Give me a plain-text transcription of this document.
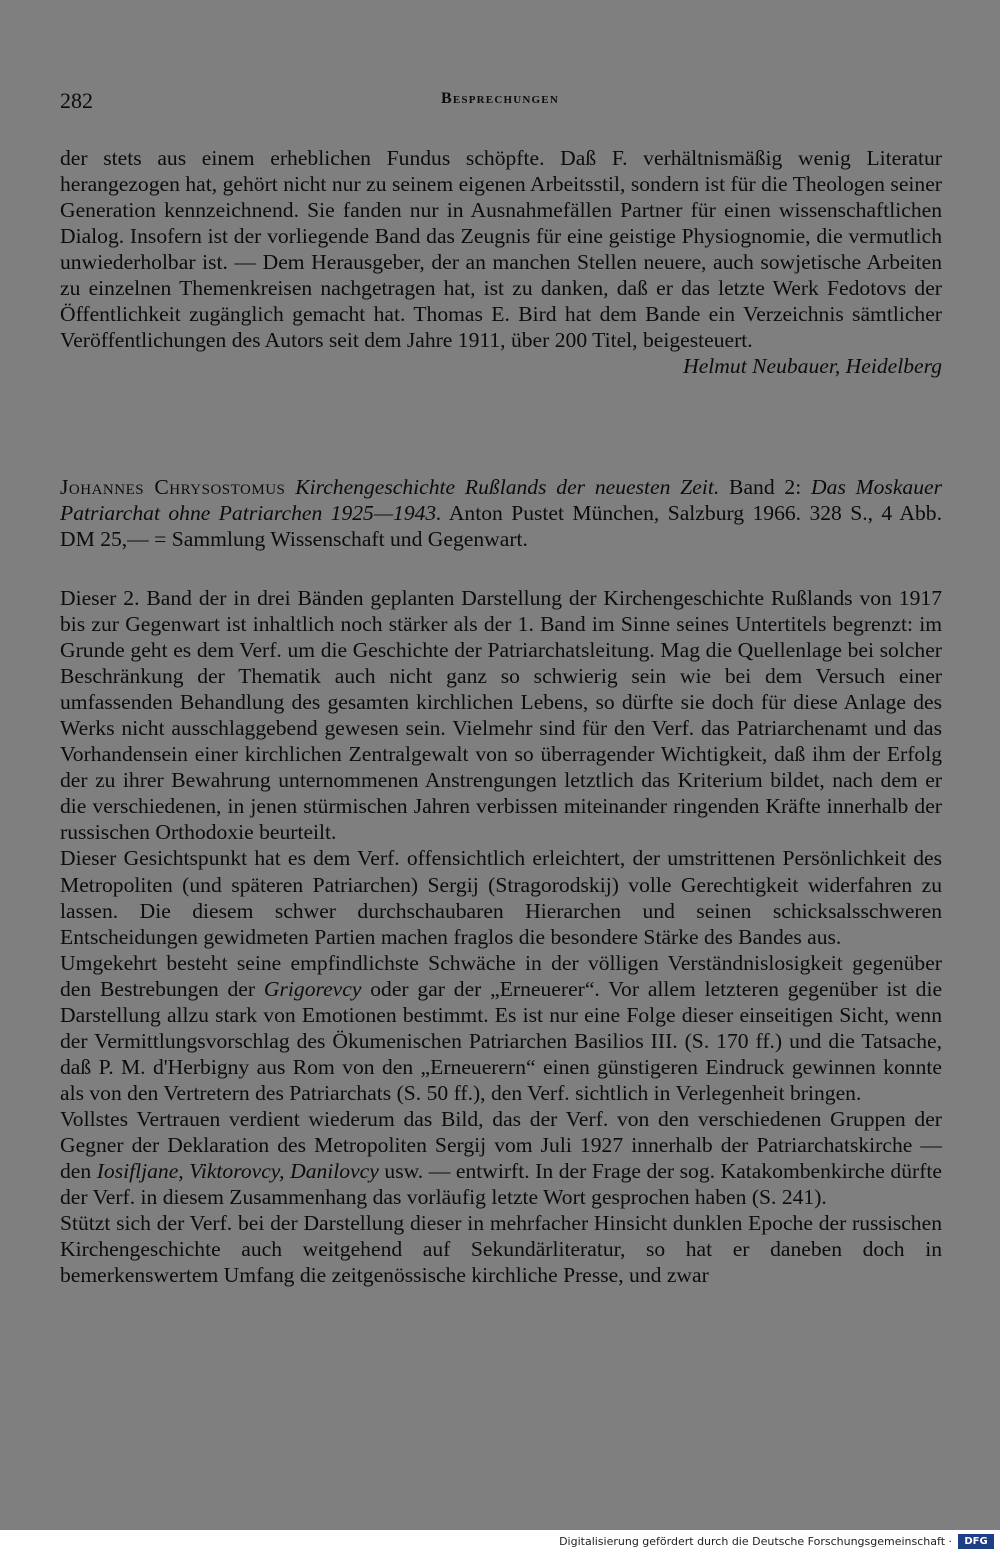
282	Besprechungen

der stets aus einem erheblichen Fundus schöpfte. Daß F. verhältnismäßig wenig Literatur herangezogen hat, gehört nicht nur zu seinem eigenen Arbeitsstil, sondern ist für die Theologen seiner Generation kennzeichnend. Sie fanden nur in Ausnahmefällen Partner für einen wissenschaftlichen Dialog. Insofern ist der vorliegende Band das Zeugnis für eine geistige Physiognomie, die vermutlich unwiederholbar ist. — Dem Herausgeber, der an manchen Stellen neuere, auch sowjetische Arbeiten zu einzelnen Themenkreisen nachgetragen hat, ist zu danken, daß er das letzte Werk Fedotovs der Öffentlichkeit zugänglich gemacht hat. Thomas E. Bird hat dem Bande ein Verzeichnis sämtlicher Veröffentlichungen des Autors seit dem Jahre 1911, über 200 Titel, beigesteuert.

Helmut Neubauer, Heidelberg

Johannes Chrysostomus Kirchengeschichte Rußlands der neuesten Zeit. Band 2: Das Moskauer Patriarchat ohne Patriarchen 1925—1943. Anton Pustet München, Salzburg 1966. 328 S., 4 Abb. DM 25,— = Sammlung Wissenschaft und Gegenwart.

Dieser 2. Band der in drei Bänden geplanten Darstellung der Kirchengeschichte Rußlands von 1917 bis zur Gegenwart ist inhaltlich noch stärker als der 1. Band im Sinne seines Untertitels begrenzt: im Grunde geht es dem Verf. um die Geschichte der Patriarchatsleitung. Mag die Quellenlage bei solcher Beschränkung der Thematik auch nicht ganz so schwierig sein wie bei dem Versuch einer umfassenden Behandlung des gesamten kirchlichen Lebens, so dürfte sie doch für diese Anlage des Werks nicht ausschlaggebend gewesen sein. Vielmehr sind für den Verf. das Patriarchenamt und das Vorhandensein einer kirchlichen Zentralgewalt von so überragender Wichtigkeit, daß ihm der Erfolg der zu ihrer Bewahrung unternommenen Anstrengungen letztlich das Kriterium bildet, nach dem er die verschiedenen, in jenen stürmischen Jahren verbissen miteinander ringenden Kräfte innerhalb der russischen Orthodoxie beurteilt.

Dieser Gesichtspunkt hat es dem Verf. offensichtlich erleichtert, der umstrittenen Persönlichkeit des Metropoliten (und späteren Patriarchen) Sergij (Stragorodskij) volle Gerechtigkeit widerfahren zu lassen. Die diesem schwer durchschaubaren Hierarchen und seinen schicksalsschweren Entscheidungen gewidmeten Partien machen fraglos die besondere Stärke des Bandes aus.

Umgekehrt besteht seine empfindlichste Schwäche in der völligen Verständnislosigkeit gegenüber den Bestrebungen der Grigorevcy oder gar der „Erneuerer“. Vor allem letzteren gegenüber ist die Darstellung allzu stark von Emotionen bestimmt. Es ist nur eine Folge dieser einseitigen Sicht, wenn der Vermittlungsvorschlag des Ökumenischen Patriarchen Basilios III. (S. 170 ff.) und die Tatsache, daß P. M. d'Herbigny aus Rom von den „Erneuerern“ einen günstigeren Eindruck gewinnen konnte als von den Vertretern des Patriarchats (S. 50 ff.), den Verf. sichtlich in Verlegenheit bringen.

Vollstes Vertrauen verdient wiederum das Bild, das der Verf. von den verschiedenen Gruppen der Gegner der Deklaration des Metropoliten Sergij vom Juli 1927 innerhalb der Patriarchatskirche — den Iosifljane, Viktorovcy, Danilovcy usw. — entwirft. In der Frage der sog. Katakombenkirche dürfte der Verf. in diesem Zusammenhang das vorläufig letzte Wort gesprochen haben (S. 241).

Stützt sich der Verf. bei der Darstellung dieser in mehrfacher Hinsicht dunklen Epoche der russischen Kirchengeschichte auch weitgehend auf Sekundärliteratur, so hat er daneben doch in bemerkenswertem Umfang die zeitgenössische kirchliche Presse, und zwar

Digitalisierung gefördert durch die Deutsche Forschungsgemeinschaft ·	DFG
